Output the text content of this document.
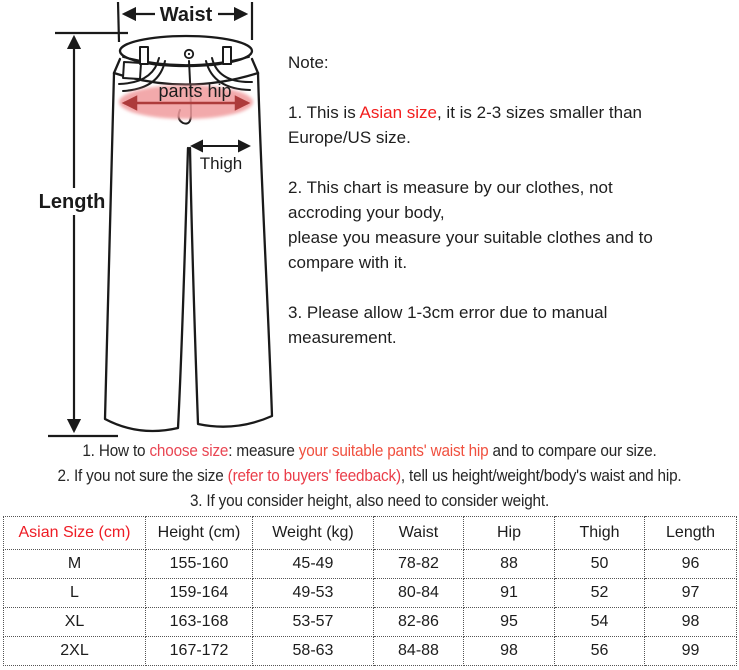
Waist
Length
pants hip
Thigh

Note:

1. This is Asian size, it is 2-3 sizes smaller than
Europe/US size.

2. This chart is measure by our clothes, not
accroding your body,
please you measure your suitable clothes and to
compare with it.

3. Please allow 1-3cm error due to manual
measurement.

1. How to choose size: measure your suitable pants' waist hip and to compare our size.
2. If you not sure the size (refer to buyers' feedback), tell us height/weight/body's waist and hip.
3. If you consider height, also need to consider weight.
Asian Size (cm)	Height (cm)	Weight (kg)	Waist	Hip	Thigh	Length
M	155-160	45-49	78-82	88	50	96
L	159-164	49-53	80-84	91	52	97
XL	163-168	53-57	82-86	95	54	98
2XL	167-172	58-63	84-88	98	56	99
